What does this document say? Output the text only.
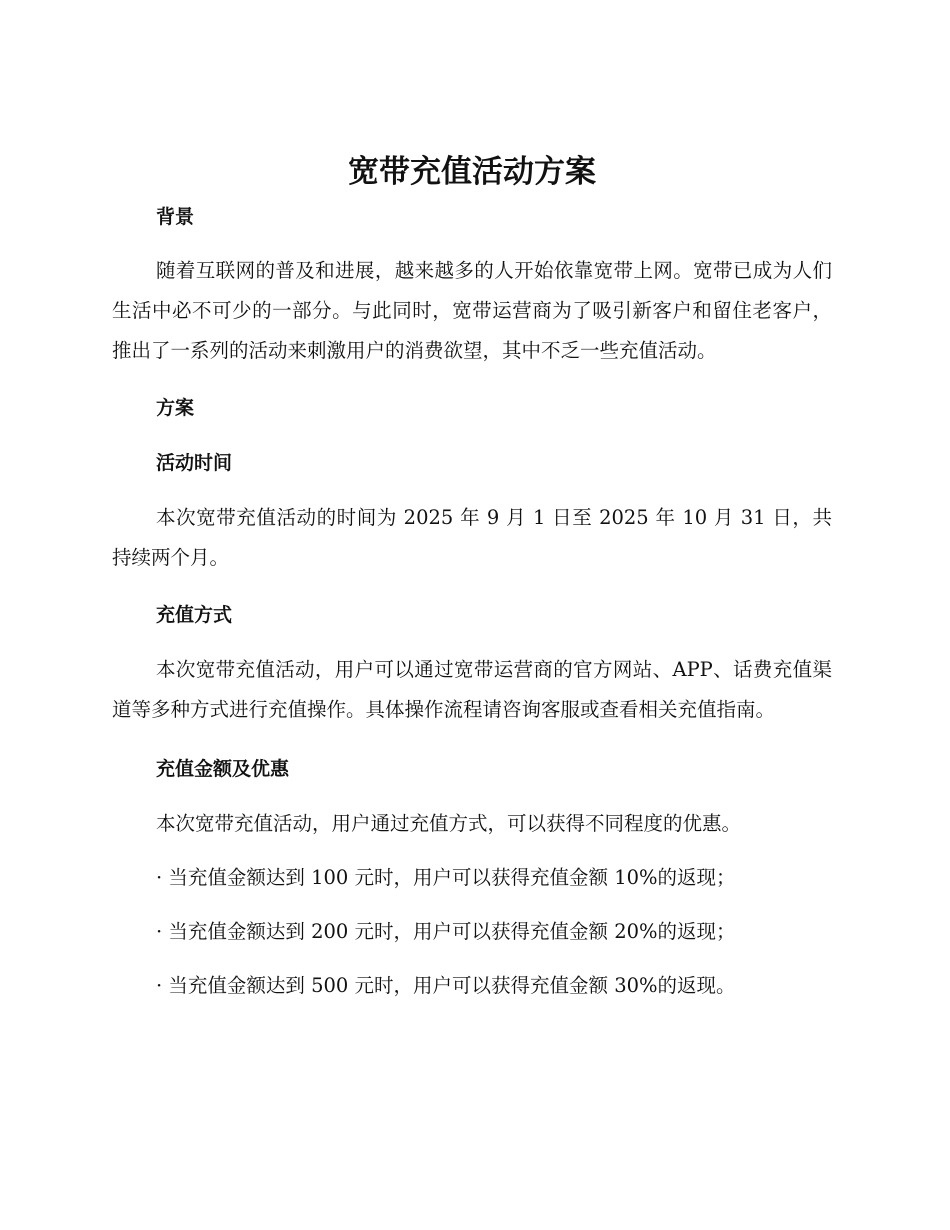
宽带充值活动方案
背景

随着互联网的普及和进展，越来越多的人开始依靠宽带上网。宽带已成为人们生活中必不可少的一部分。与此同时，宽带运营商为了吸引新客户和留住老客户，推出了一系列的活动来刺激用户的消费欲望，其中不乏一些充值活动。

方案
活动时间

本次宽带充值活动的时间为 2025 年 9 月 1 日至 2025 年 10 月 31 日，共持续两个月。

充值方式

本次宽带充值活动，用户可以通过宽带运营商的官方网站、APP、话费充值渠道等多种方式进行充值操作。具体操作流程请咨询客服或查看相关充值指南。

充值金额及优惠

本次宽带充值活动，用户通过充值方式，可以获得不同程度的优惠。

· 当充值金额达到 100 元时，用户可以获得充值金额 10%的返现；

· 当充值金额达到 200 元时，用户可以获得充值金额 20%的返现；

· 当充值金额达到 500 元时，用户可以获得充值金额 30%的返现。
